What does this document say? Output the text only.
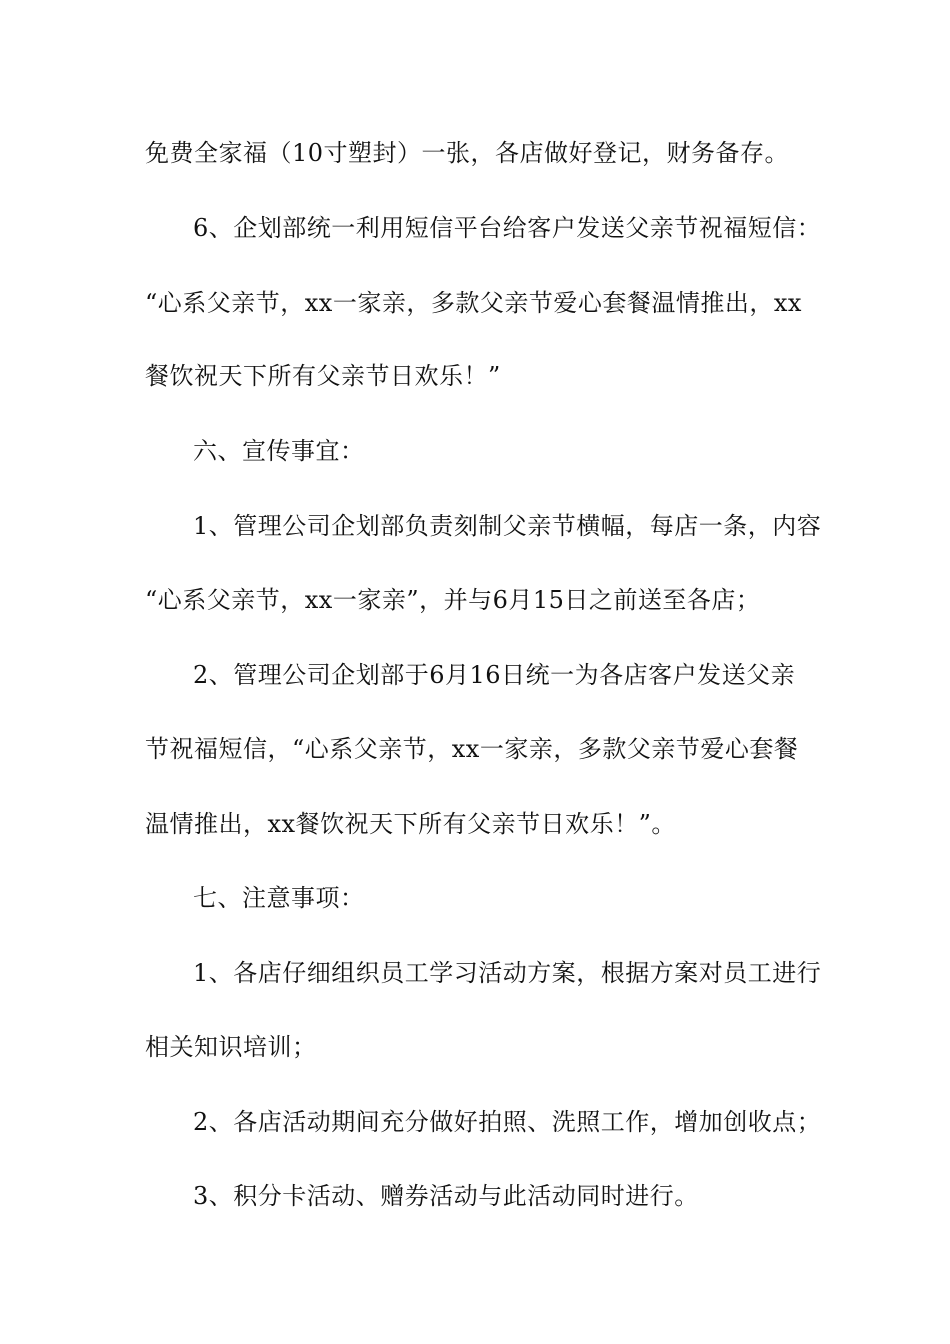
免费全家福（10寸塑封）一张，各店做好登记，财务备存。
6、企划部统一利用短信平台给客户发送父亲节祝福短信：
“心系父亲节，xx一家亲，多款父亲节爱心套餐温情推出，xx
餐饮祝天下所有父亲节日欢乐！”
六、宣传事宜：
1、管理公司企划部负责刻制父亲节横幅，每店一条，内容
“心系父亲节，xx一家亲”，并与6月15日之前送至各店；
2、管理公司企划部于6月16日统一为各店客户发送父亲
节祝福短信，“心系父亲节，xx一家亲，多款父亲节爱心套餐
温情推出，xx餐饮祝天下所有父亲节日欢乐！”。
七、注意事项：
1、各店仔细组织员工学习活动方案，根据方案对员工进行
相关知识培训；
2、各店活动期间充分做好拍照、洗照工作，增加创收点；
3、积分卡活动、赠券活动与此活动同时进行。
